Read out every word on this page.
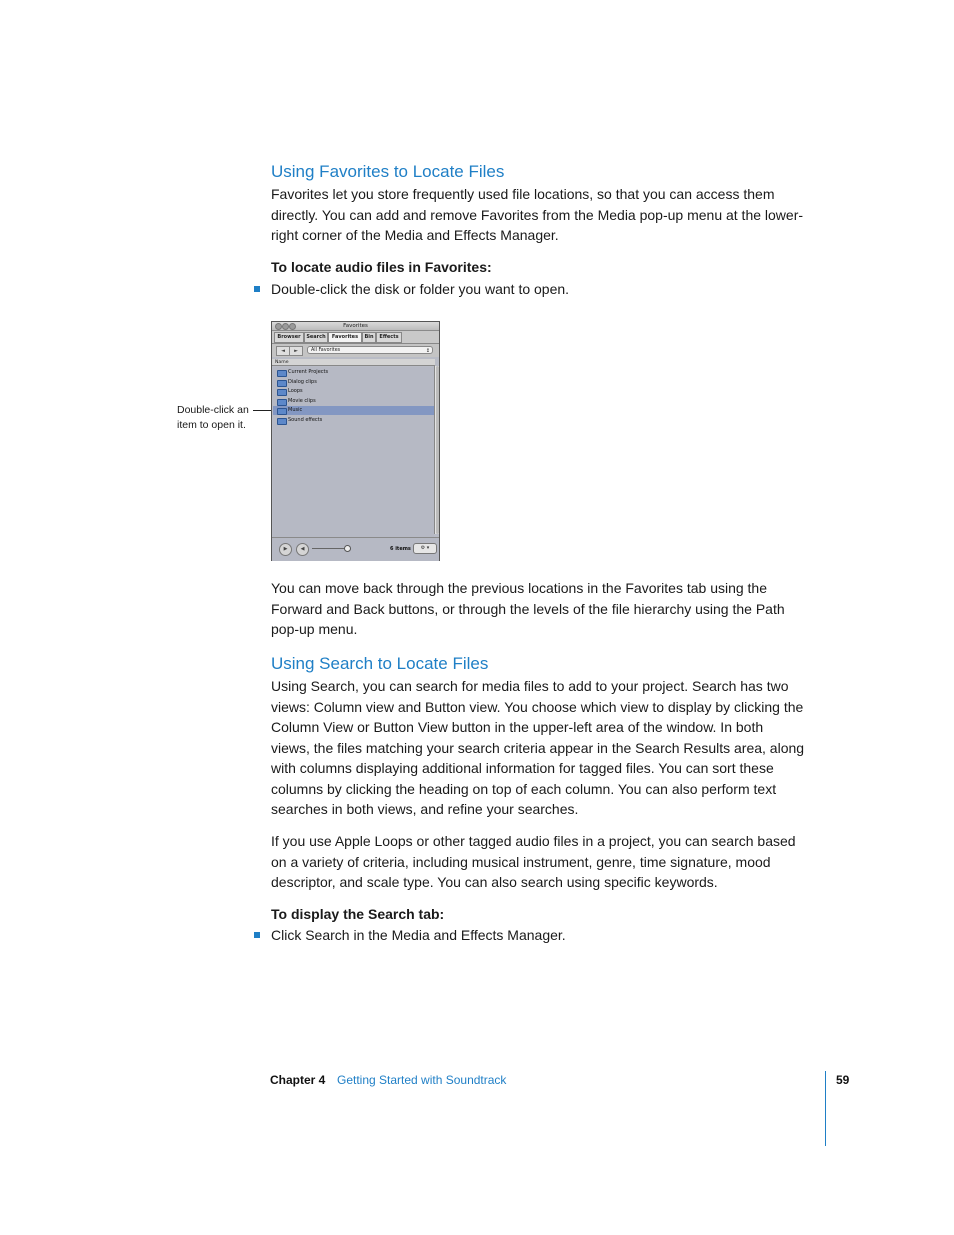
Using Favorites to Locate Files
Favorites let you store frequently used file locations, so that you can access them
directly. You can add and remove Favorites from the Media pop-up menu at the lower-
right corner of the Media and Effects Manager.

To locate audio files in Favorites:

Double-click the disk or folder you want to open.
Favorites
Browser	Search	Favorites	Bin	Effects
◄	►	All Favorites	↕
Name
Current Projects
Dialog clips
Loops
Movie clips
Music
Sound effects
▶	◀	6 items	⚙ ▾
Double-click an
item to open it.
You can move back through the previous locations in the Favorites tab using the
Forward and Back buttons, or through the levels of the file hierarchy using the Path
pop-up menu.
Using Search to Locate Files
Using Search, you can search for media files to add to your project. Search has two
views: Column view and Button view. You choose which view to display by clicking the
Column View or Button View button in the upper-left area of the window. In both
views, the files matching your search criteria appear in the Search Results area, along
with columns displaying additional information for tagged files. You can sort these
columns by clicking the heading on top of each column. You can also perform text
searches in both views, and refine your searches.
If you use Apple Loops or other tagged audio files in a project, you can search based
on a variety of criteria, including musical instrument, genre, time signature, mood
descriptor, and scale type. You can also search using specific keywords.

To display the Search tab:

Click Search in the Media and Effects Manager.
Chapter 4 Getting Started with Soundtrack	59
